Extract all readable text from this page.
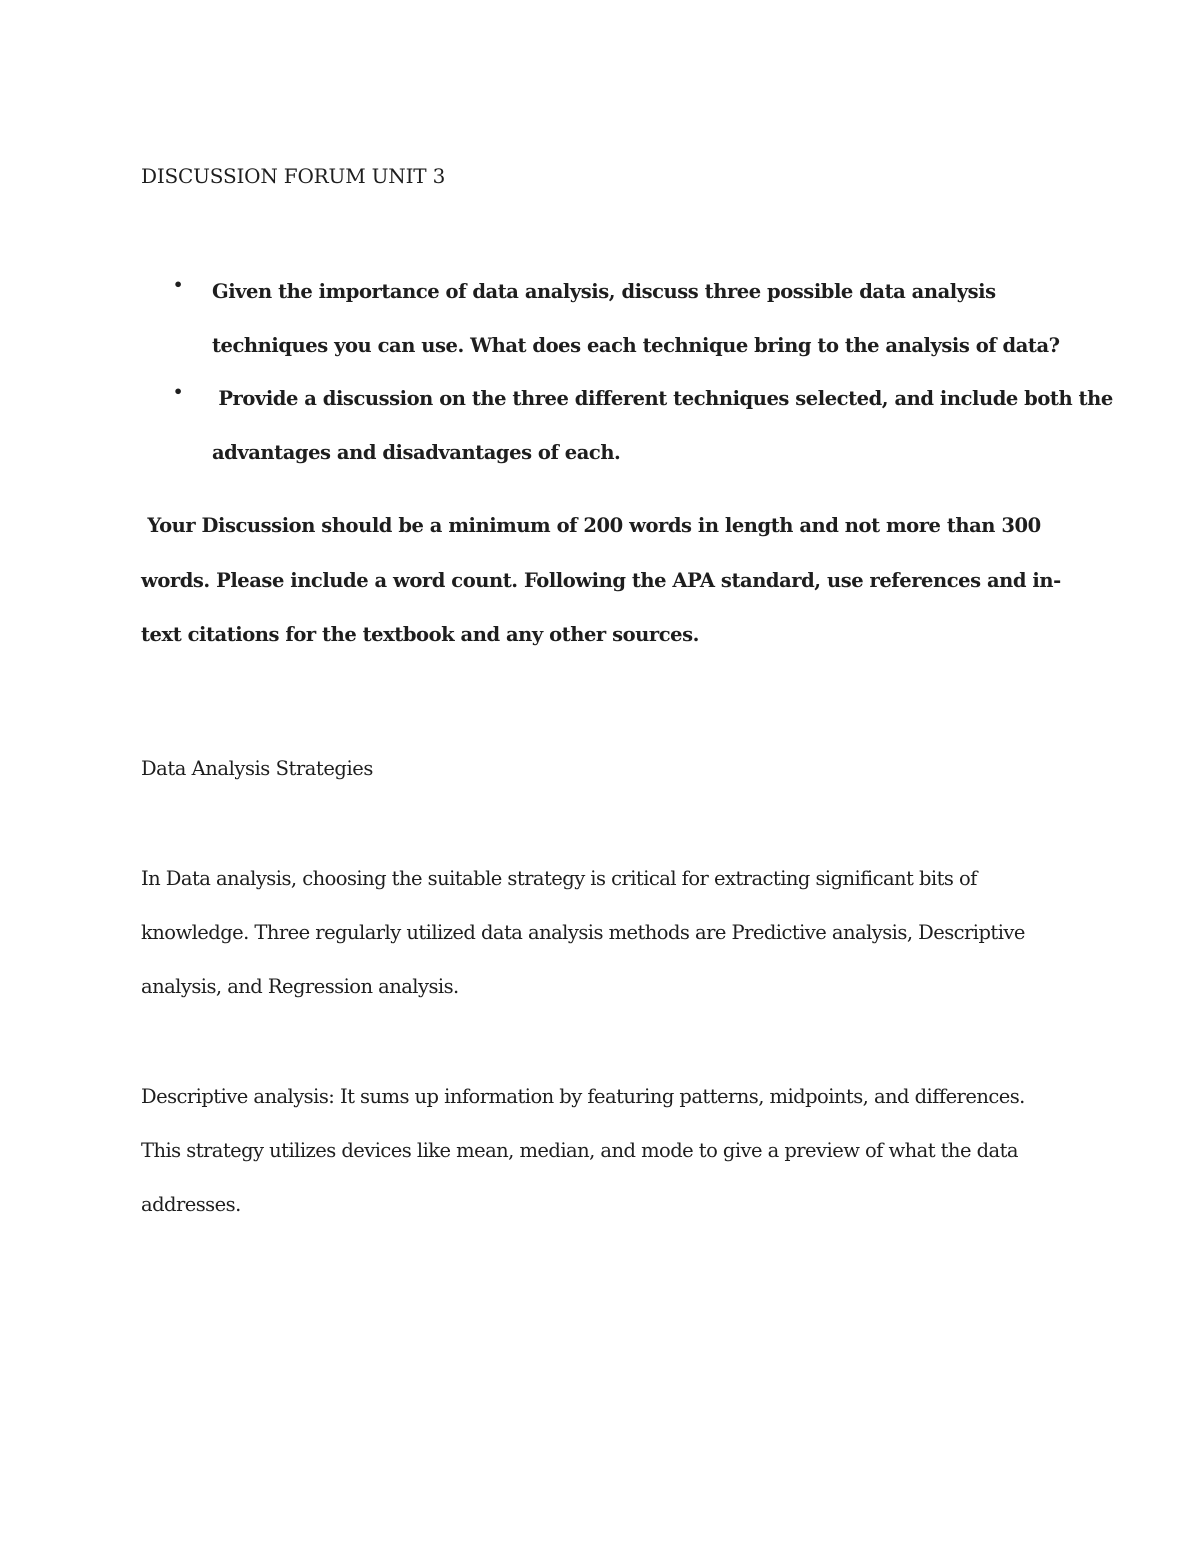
DISCUSSION FORUM UNIT 3
• Given the importance of data analysis, discuss three possible data analysis
techniques you can use. What does each technique bring to the analysis of data?
• Provide a discussion on the three different techniques selected, and include both the
advantages and disadvantages of each.
Your Discussion should be a minimum of 200 words in length and not more than 300
words. Please include a word count. Following the APA standard, use references and in-
text citations for the textbook and any other sources.
Data Analysis Strategies
In Data analysis, choosing the suitable strategy is critical for extracting significant bits of
knowledge. Three regularly utilized data analysis methods are Predictive analysis, Descriptive
analysis, and Regression analysis.
Descriptive analysis: It sums up information by featuring patterns, midpoints, and differences.
This strategy utilizes devices like mean, median, and mode to give a preview of what the data
addresses.
